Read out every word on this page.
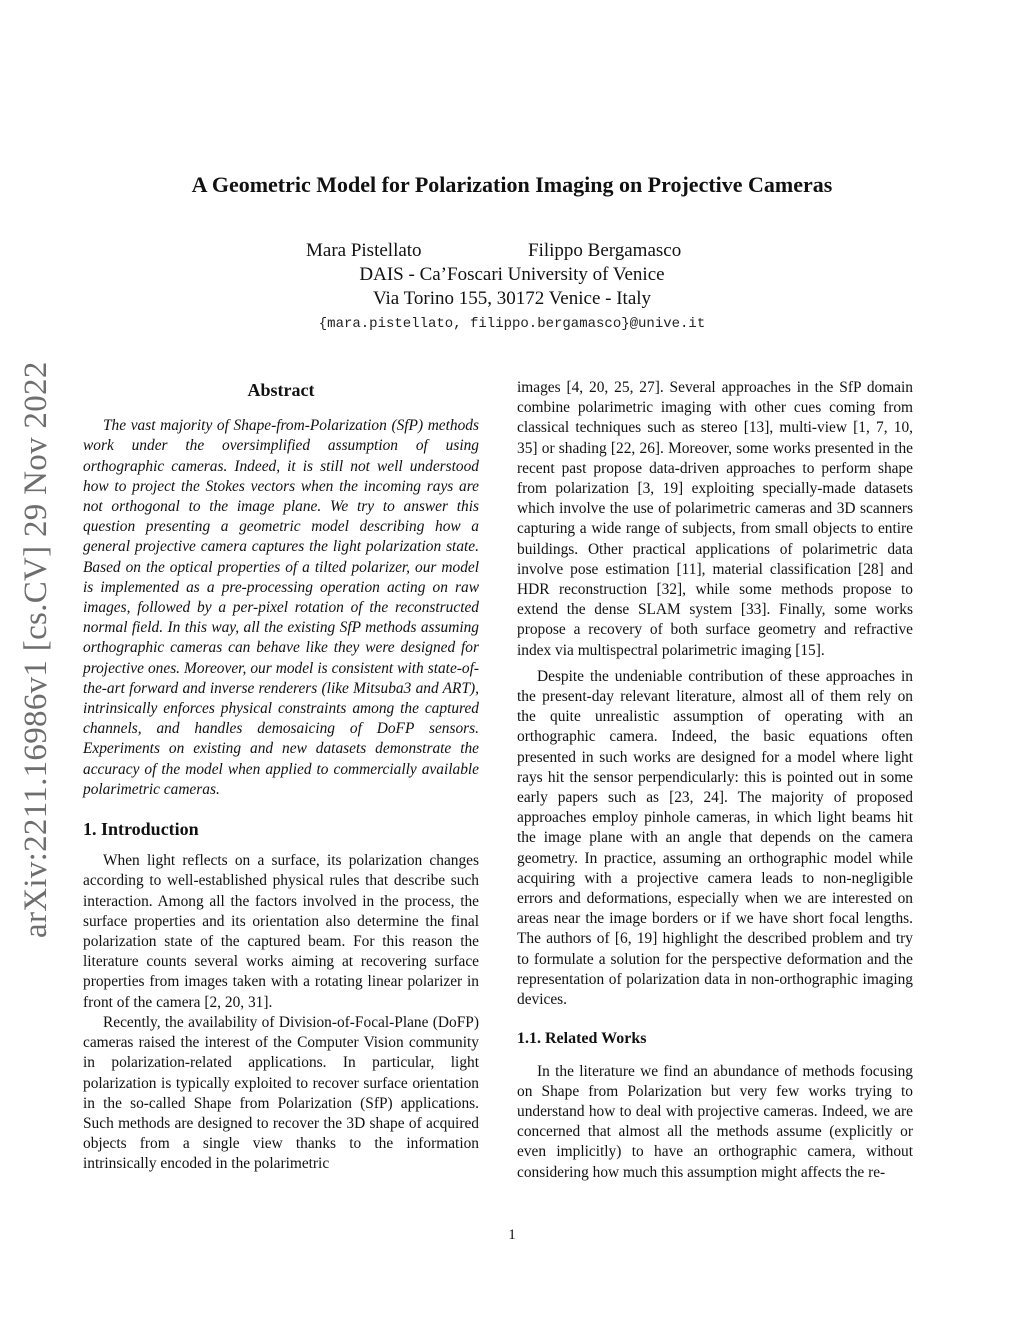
A Geometric Model for Polarization Imaging on Projective Cameras
Mara Pistellato	Filippo Bergamasco
DAIS - Ca’Foscari University of Venice
Via Torino 155, 30172 Venice - Italy
{mara.pistellato, filippo.bergamasco}@unive.it
arXiv:2211.16986v1 [cs.CV] 29 Nov 2022	Abstract

The vast majority of Shape-from-Polarization (SfP) methods work under the oversimplified assumption of using orthographic cameras. Indeed, it is still not well understood how to project the Stokes vectors when the incoming rays are not orthogonal to the image plane. We try to answer this question presenting a geometric model describing how a general projective camera captures the light polarization state. Based on the optical properties of a tilted polarizer, our model is implemented as a pre-processing operation acting on raw images, followed by a per-pixel rotation of the reconstructed normal field. In this way, all the existing SfP methods assuming orthographic cameras can behave like they were designed for projective ones. Moreover, our model is consistent with state-of-the-art forward and inverse renderers (like Mitsuba3 and ART), intrinsically enforces physical constraints among the captured channels, and handles demosaicing of DoFP sensors. Experiments on existing and new datasets demonstrate the accuracy of the model when applied to commercially available polarimetric cameras.

1. Introduction

When light reflects on a surface, its polarization changes according to well-established physical rules that describe such interaction. Among all the factors involved in the process, the surface properties and its orientation also determine the final polarization state of the captured beam. For this reason the literature counts several works aiming at recovering surface properties from images taken with a rotating linear polarizer in front of the camera [2, 20, 31].

Recently, the availability of Division-of-Focal-Plane (DoFP) cameras raised the interest of the Computer Vision community in polarization-related applications. In particular, light polarization is typically exploited to recover surface orientation in the so-called Shape from Polarization (SfP) applications. Such methods are designed to recover the 3D shape of acquired objects from a single view thanks to the information intrinsically encoded in the polarimetric

images [4, 20, 25, 27]. Several approaches in the SfP domain combine polarimetric imaging with other cues coming from classical techniques such as stereo [13], multi-view [1, 7, 10, 35] or shading [22, 26]. Moreover, some works presented in the recent past propose data-driven approaches to perform shape from polarization [3, 19] exploiting specially-made datasets which involve the use of polarimetric cameras and 3D scanners capturing a wide range of subjects, from small objects to entire buildings. Other practical applications of polarimetric data involve pose estimation [11], material classification [28] and HDR reconstruction [32], while some methods propose to extend the dense SLAM system [33]. Finally, some works propose a recovery of both surface geometry and refractive index via multispectral polarimetric imaging [15].

Despite the undeniable contribution of these approaches in the present-day relevant literature, almost all of them rely on the quite unrealistic assumption of operating with an orthographic camera. Indeed, the basic equations often presented in such works are designed for a model where light rays hit the sensor perpendicularly: this is pointed out in some early papers such as [23, 24]. The majority of proposed approaches employ pinhole cameras, in which light beams hit the image plane with an angle that depends on the camera geometry. In practice, assuming an orthographic model while acquiring with a projective camera leads to non-negligible errors and deformations, especially when we are interested on areas near the image borders or if we have short focal lengths. The authors of [6, 19] highlight the described problem and try to formulate a solution for the perspective deformation and the representation of polarization data in non-orthographic imaging devices.

1.1. Related Works

In the literature we find an abundance of methods focusing on Shape from Polarization but very few works trying to understand how to deal with projective cameras. Indeed, we are concerned that almost all the methods assume (explicitly or even implicitly) to have an orthographic camera, without considering how much this assumption might affects the re-

1
